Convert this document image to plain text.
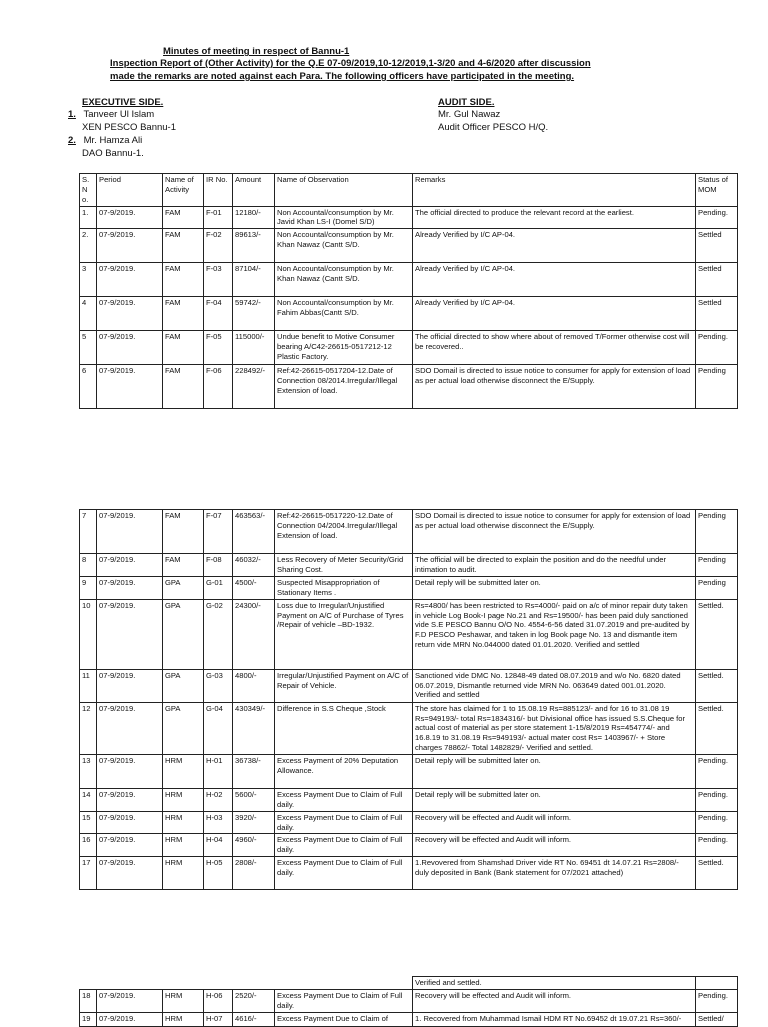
Minutes of meeting in respect of Bannu-1
Inspection Report of (Other Activity) for the Q.E 07-09/2019,10-12/2019,1-3/20 and 4-6/2020 after discussion
made the remarks are noted against each Para. The following officers have participated in the meeting.
EXECUTIVE SIDE.
1. Tanveer Ul Islam
XEN PESCO Bannu-1
2. Mr. Hamza Ali
DAO Bannu-1.
AUDIT SIDE.
Mr. Gul Nawaz
Audit Officer PESCO H/Q.
S. N o.	Period	Name of Activity	IR No.	Amount	Name of Observation	Remarks	Status of MOM
1.	07-9/2019.	FAM	F-01	12180/-	Non Accountal/consumption by Mr. Javid Khan LS-I (Domel S/D)	The official directed to produce the relevant record at the earliest.	Pending.
2.	07-9/2019.	FAM	F-02	89613/-	Non Accountal/consumption by Mr. Khan Nawaz (Cantt S/D.	Already Verified by I/C AP-04.	Settled
3	07-9/2019.	FAM	F-03	87104/-	Non Accountal/consumption by Mr. Khan Nawaz (Cantt S/D.	Already Verified by I/C AP-04.	Settled
4	07-9/2019.	FAM	F-04	59742/-	Non Accountal/consumption by Mr. Fahim Abbas(Cantt S/D.	Already Verified by I/C AP-04.	Settled
5	07-9/2019.	FAM	F-05	115000/-	Undue benefit to Motive Consumer bearing A/C42-26615-0517212-12 Plastic Factory.	The official directed to show where about of removed T/Former otherwise cost will be recovered..	Pending.
6	07-9/2019.	FAM	F-06	228492/-	Ref:42-26615-0517204-12.Date of Connection 08/2014.Irregular/Illegal Extension of load.	SDO Domail is directed to issue notice to consumer for apply for extension of load as per actual load otherwise disconnect the E/Supply.	Pending
7	07-9/2019.	FAM	F-07	463563/-	Ref:42-26615-0517220-12.Date of Connection 04/2004.Irregular/Illegal Extension of load.	SDO Domail is directed to issue notice to consumer for apply for extension of load as per actual load otherwise disconnect the E/Supply.	Pending
8	07-9/2019.	FAM	F-08	46032/-	Less Recovery of Meter Security/Grid Sharing Cost.	The official will be directed to explain the position and do the needful under intimation to audit.	Pending
9	07-9/2019.	GPA	G-01	4500/-	Suspected Misappropriation of Stationary Items .	Detail reply will be submitted later on.	Pending
10	07-9/2019.	GPA	G-02	24300/-	Loss due to Irregular/Unjustified Payment on A/C of Purchase of Tyres /Repair of vehicle –BD-1932.	Rs=4800/ has been restricted to Rs=4000/- paid on a/c of minor repair duty taken in vehicle Log Book-I page No.21 and Rs=19500/- has been paid duly sanctioned vide S.E PESCO Bannu O/O No. 4554-6-56 dated 31.07.2019 and pre-audited by F.D PESCO Peshawar, and taken in log Book page No. 13 and dismantle item return vide MRN No.044000 dated 01.01.2020. Verified and settled	Settled.
11	07-9/2019.	GPA	G-03	4800/-	Irregular/Unjustified Payment on A/C of Repair of Vehicle.	Sanctioned vide DMC No. 12848-49 dated 08.07.2019 and w/o No. 6820 dated 06.07.2019, Dismantle returned vide MRN No. 063649 dated 001.01.2020. Verified and settled	Settled.
12	07-9/2019.	GPA	G-04	430349/-	Difference in S.S Cheque ,Stock	The store has claimed for 1 to 15.08.19 Rs=885123/- and for 16 to 31.08 19 Rs=949193/- total Rs=1834316/- but Divisional office has issued S.S.Cheque for actual cost of material as per store statement 1-15/8/2019 Rs=454774/- and 16.8.19 to 31.08.19 Rs=949193/- actual mater cost Rs= 1403967/- + Store charges 78862/- Total 1482829/- Verified and settled.	Settled.
13	07-9/2019.	HRM	H-01	36738/-	Excess Payment of 20% Deputation Allowance.	Detail reply will be submitted later on.	Pending.
14	07-9/2019.	HRM	H-02	5600/-	Excess Payment Due to Claim of Full daily.	Detail reply will be submitted later on.	Pending.
15	07-9/2019.	HRM	H-03	3920/-	Excess Payment Due to Claim of Full daily.	Recovery will be effected and Audit will inform.	Pending.
16	07-9/2019.	HRM	H-04	4960/-	Excess Payment Due to Claim of Full daily.	Recovery will be effected and Audit will inform.	Pending.
17	07-9/2019.	HRM	H-05	2808/-	Excess Payment Due to Claim of Full daily.	1.Revovered from Shamshad Driver vide RT No. 69451 dt 14.07.21 Rs=2808/- duly deposited in Bank (Bank statement for 07/2021 attached)	Settled.
						Verified and settled.	
18	07-9/2019.	HRM	H-06	2520/-	Excess Payment Due to Claim of Full daily.	Recovery will be effected and Audit will inform.	Pending.
19	07-9/2019.	HRM	H-07	4616/-	Excess Payment Due to Claim of	1. Recovered from Muhammad Ismail HDM RT No.69452 dt 19.07.21 Rs=360/-	Settled/
